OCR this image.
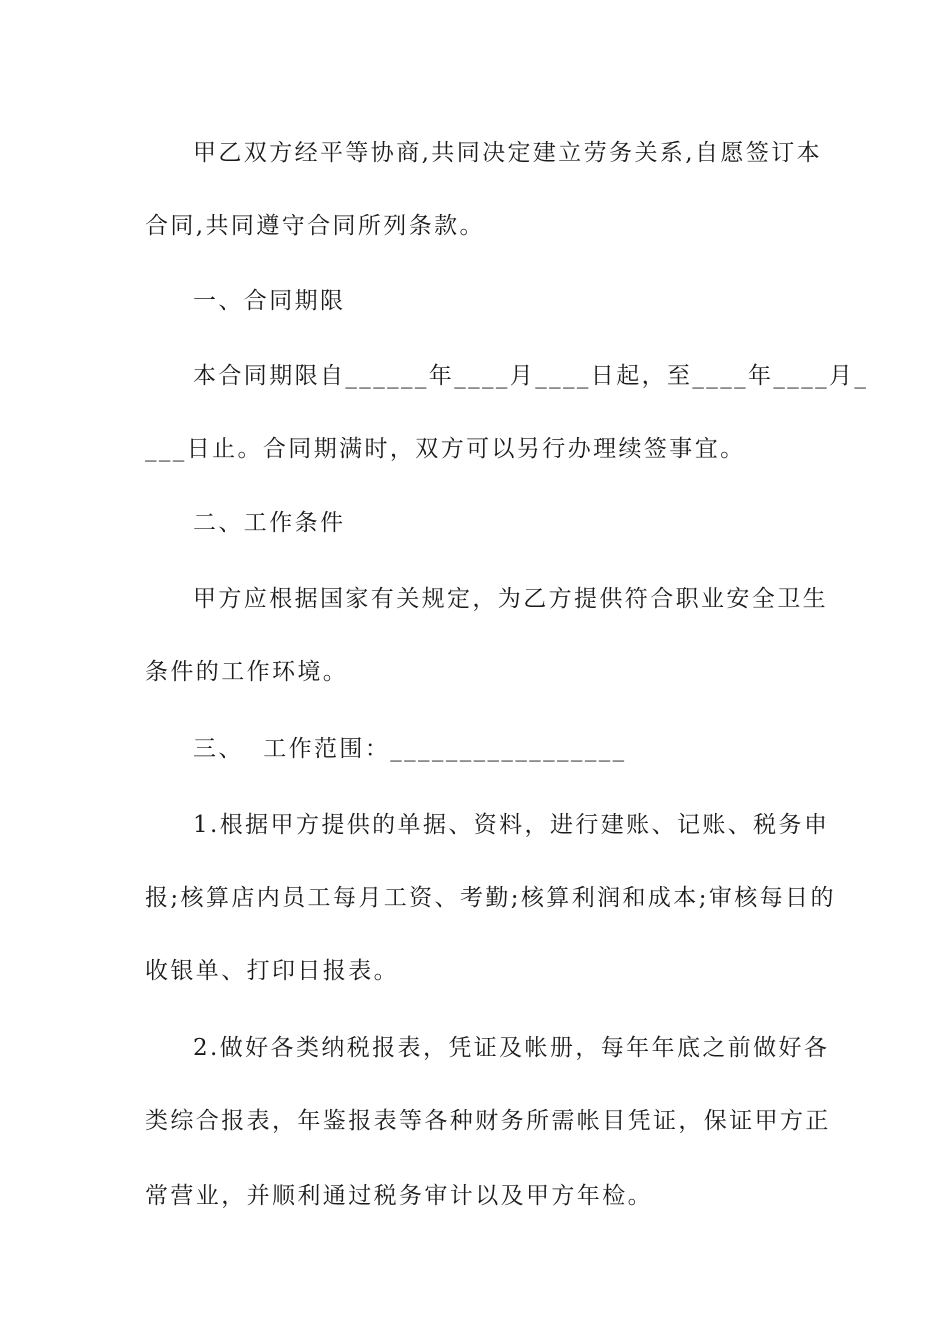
甲乙双方经平等协商,共同决定建立劳务关系,自愿签订本
合同,共同遵守合同所列条款。
一、合同期限
本合同期限自______年____月____日起，至____年____月_
___日止。合同期满时，双方可以另行办理续签事宜。
二、工作条件
甲方应根据国家有关规定，为乙方提供符合职业安全卫生
条件的工作环境。
三、  工作范围：_________________
1.根据甲方提供的单据、资料，进行建账、记账、税务申
报;核算店内员工每月工资、考勤;核算利润和成本;审核每日的
收银单、打印日报表。
2.做好各类纳税报表，凭证及帐册，每年年底之前做好各
类综合报表，年鉴报表等各种财务所需帐目凭证，保证甲方正
常营业，并顺利通过税务审计以及甲方年检。
